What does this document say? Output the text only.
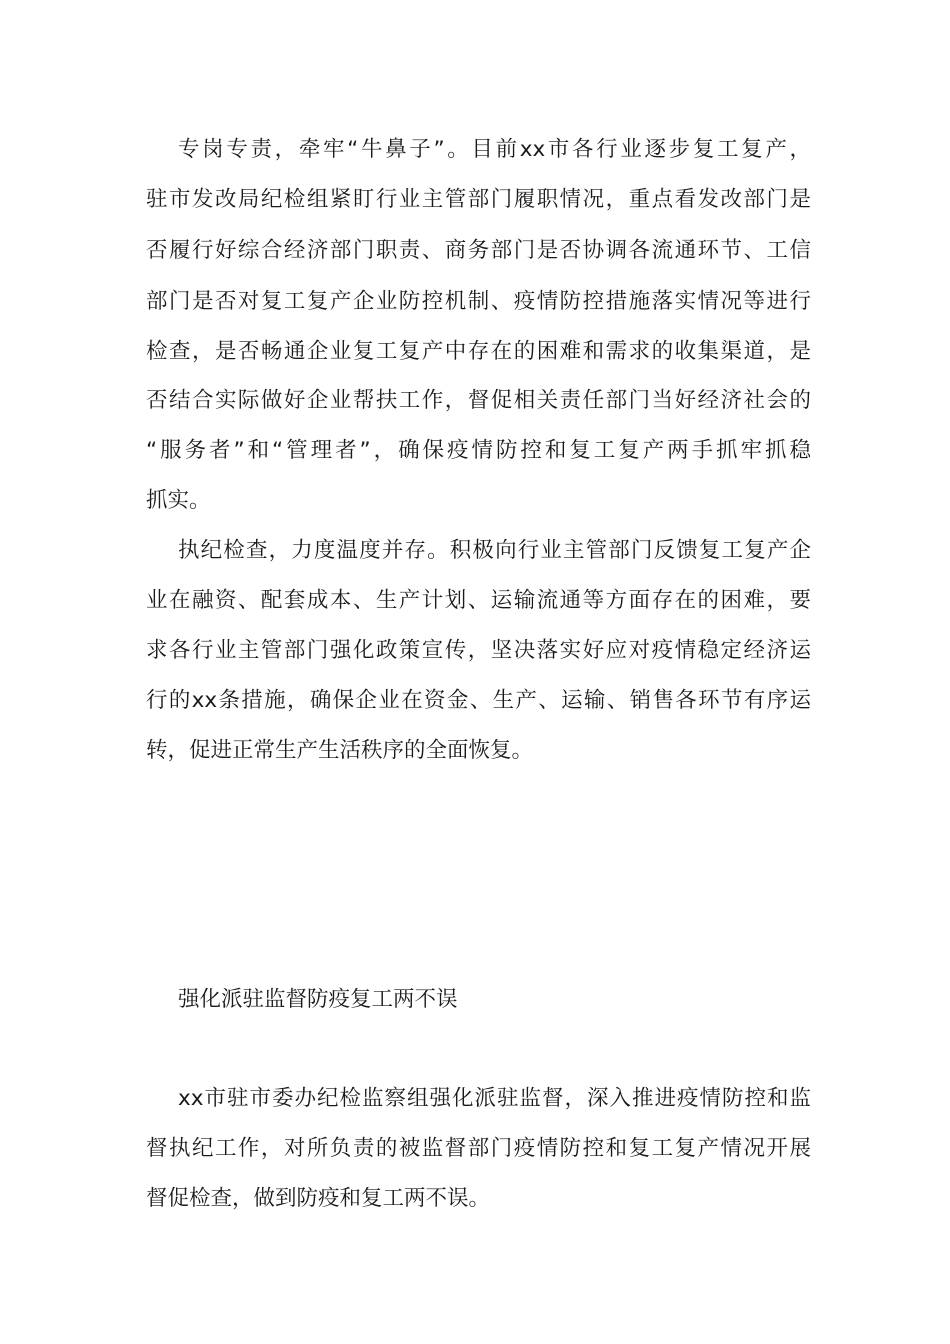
专岗专责，牵牢“牛鼻子”。目前xx市各行业逐步复工复产，
驻市发改局纪检组紧盯行业主管部门履职情况，重点看发改部门是
否履行好综合经济部门职责、商务部门是否协调各流通环节、工信
部门是否对复工复产企业防控机制、疫情防控措施落实情况等进行
检查，是否畅通企业复工复产中存在的困难和需求的收集渠道，是
否结合实际做好企业帮扶工作，督促相关责任部门当好经济社会的
“服务者”和“管理者”，确保疫情防控和复工复产两手抓牢抓稳
抓实。
执纪检查，力度温度并存。积极向行业主管部门反馈复工复产企
业在融资、配套成本、生产计划、运输流通等方面存在的困难，要
求各行业主管部门强化政策宣传，坚决落实好应对疫情稳定经济运
行的xx条措施，确保企业在资金、生产、运输、销售各环节有序运
转，促进正常生产生活秩序的全面恢复。
强化派驻监督防疫复工两不误
xx市驻市委办纪检监察组强化派驻监督，深入推进疫情防控和监
督执纪工作，对所负责的被监督部门疫情防控和复工复产情况开展
督促检查，做到防疫和复工两不误。
